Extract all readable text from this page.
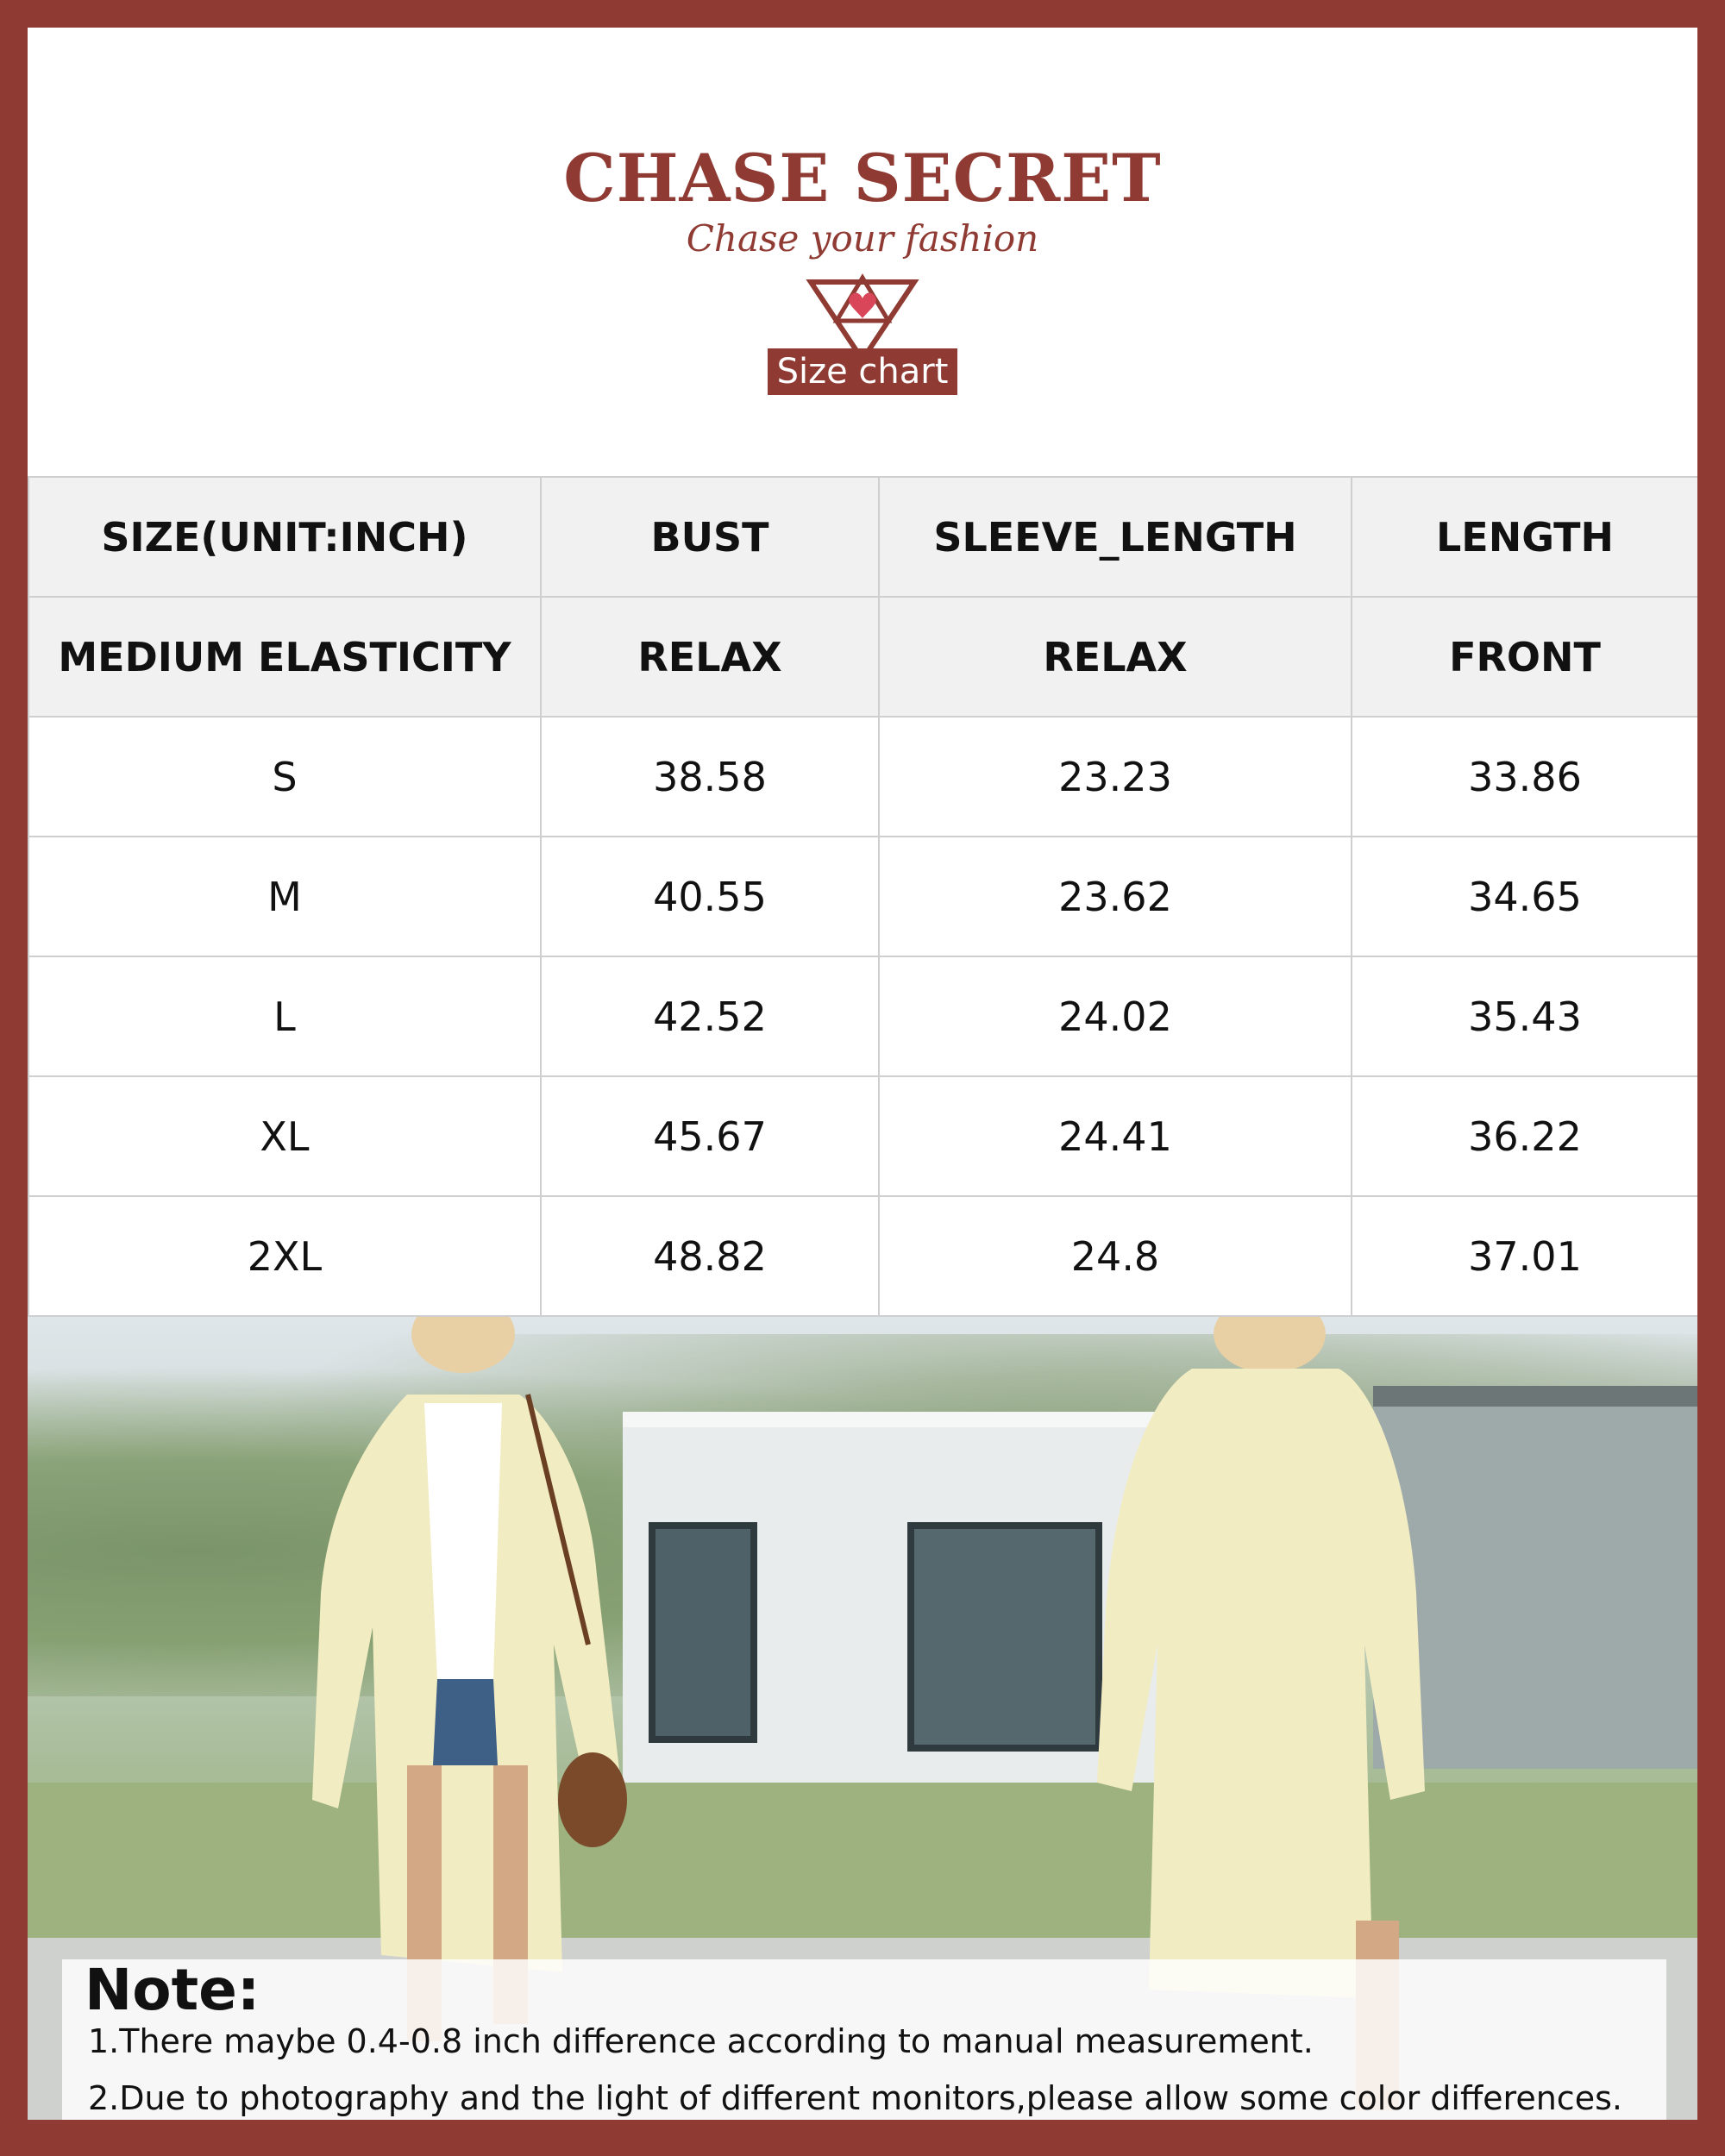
CHASE SECRET
Chase your fashion
Size chart
SIZE(UNIT:INCH)	BUST	SLEEVE_LENGTH	LENGTH
MEDIUM ELASTICITY	RELAX	RELAX	FRONT
S	38.58	23.23	33.86
M	40.55	23.62	34.65
L	42.52	24.02	35.43
XL	45.67	24.41	36.22
2XL	48.82	24.8	37.01
Note:
1.There maybe 0.4-0.8 inch difference according to manual measurement.
2.Due to photography and the light of different monitors,please allow some color differences.
